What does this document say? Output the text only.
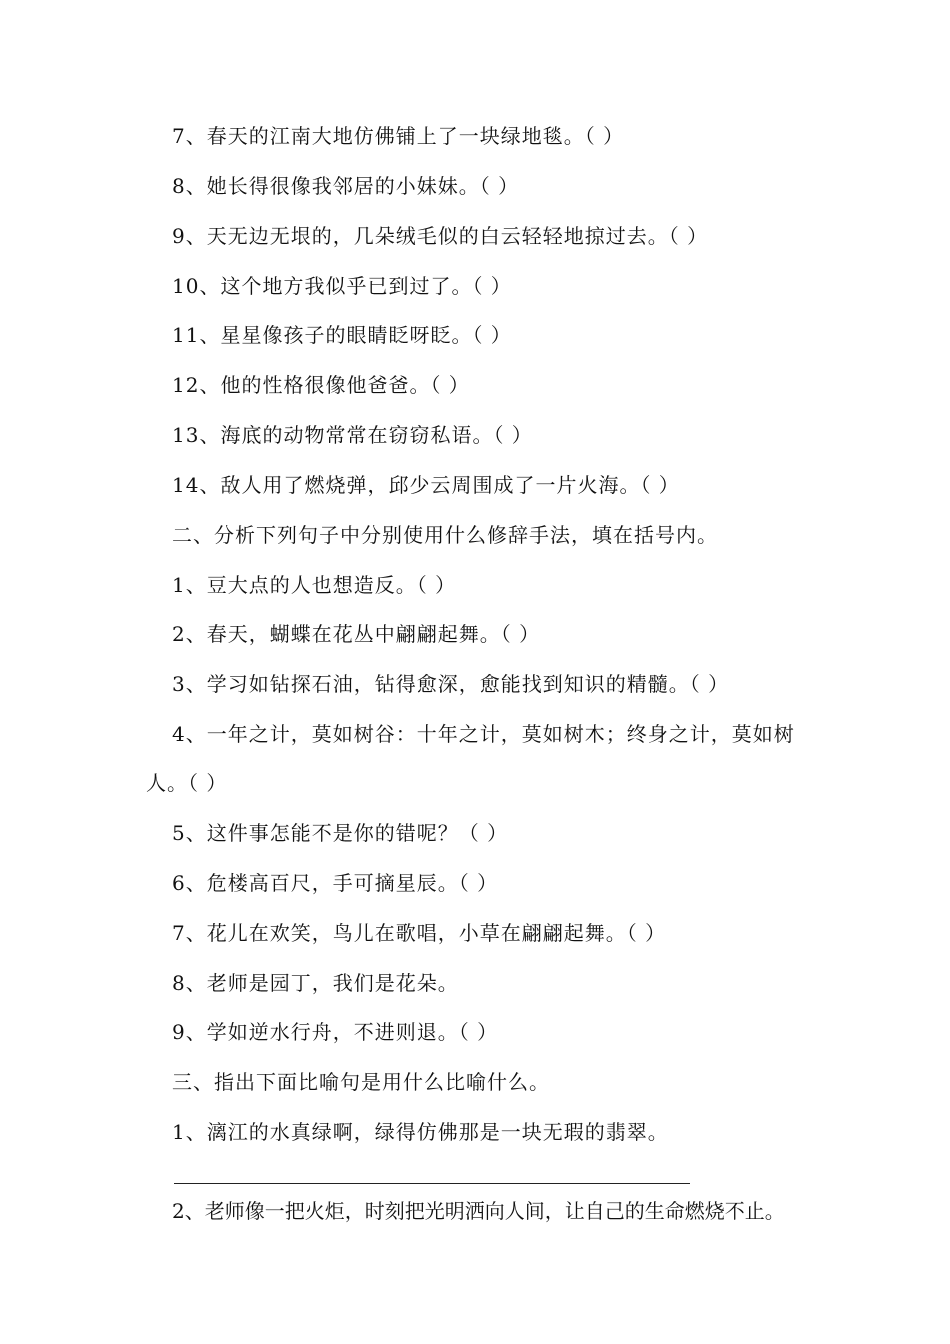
7、春天的江南大地仿佛铺上了一块绿地毯。（ ）
8、她长得很像我邻居的小妹妹。（ ）
9、天无边无垠的，几朵绒毛似的白云轻轻地掠过去。（ ）
10、这个地方我似乎已到过了。（ ）
11、星星像孩子的眼睛眨呀眨。（ ）
12、他的性格很像他爸爸。（ ）
13、海底的动物常常在窃窃私语。（ ）
14、敌人用了燃烧弹，邱少云周围成了一片火海。（ ）
二、分析下列句子中分别使用什么修辞手法，填在括号内。
1、豆大点的人也想造反。（ ）
2、春天，蝴蝶在花丛中翩翩起舞。（ ）
3、学习如钻探石油，钻得愈深，愈能找到知识的精髓。（ ）
4、一年之计，莫如树谷：十年之计，莫如树木；终身之计，莫如树
人。（ ）
5、这件事怎能不是你的错呢？（ ）
6、危楼高百尺，手可摘星辰。（ ）
7、花儿在欢笑，鸟儿在歌唱，小草在翩翩起舞。（ ）
8、老师是园丁，我们是花朵。
9、学如逆水行舟，不进则退。（ ）
三、指出下面比喻句是用什么比喻什么。
1、漓江的水真绿啊，绿得仿佛那是一块无瑕的翡翠。
2、老师像一把火炬，时刻把光明洒向人间，让自己的生命燃烧不止。
